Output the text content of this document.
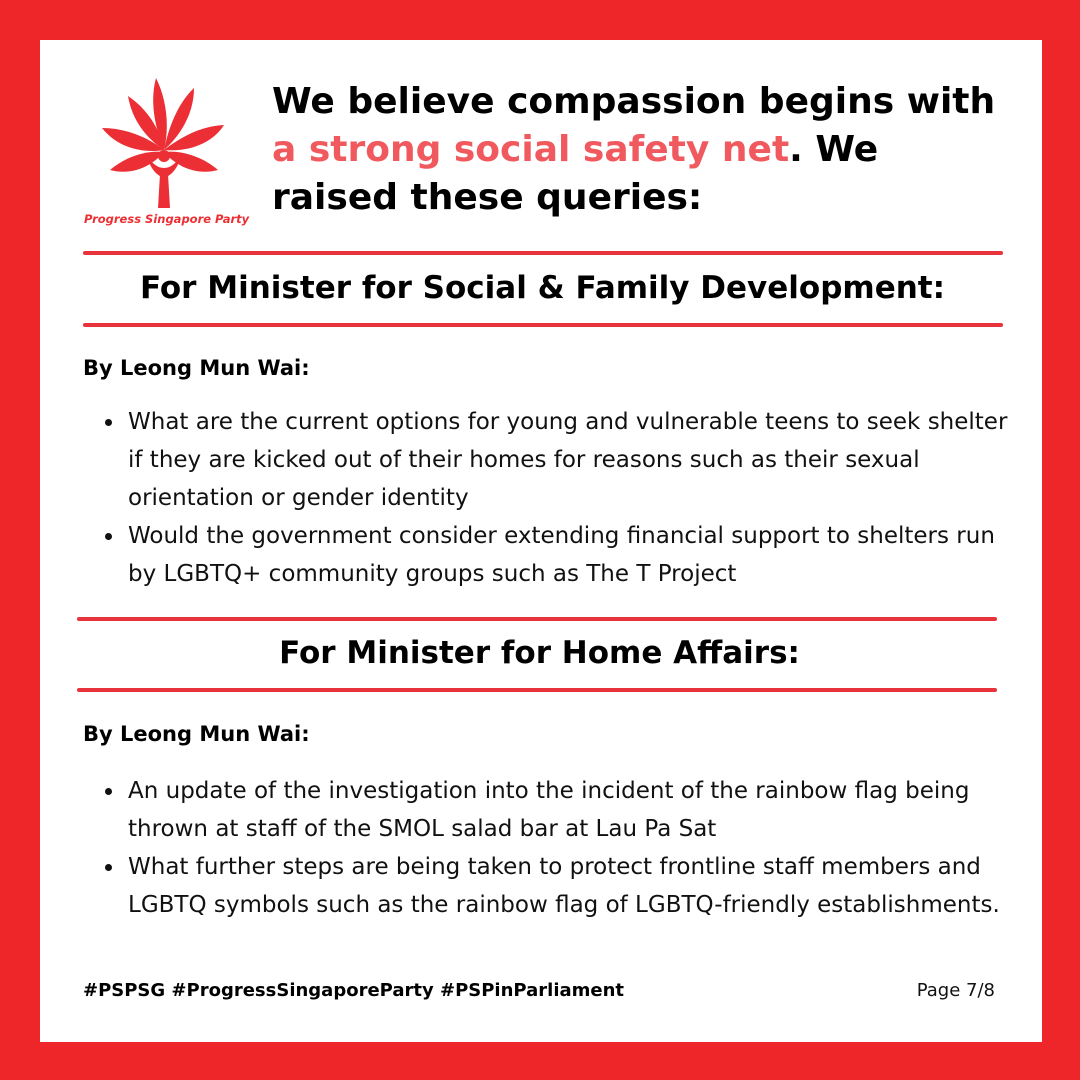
Progress Singapore Party
We believe compassion begins with a strong social safety net. We raised these queries:
For Minister for Social & Family Development:

By Leong Mun Wai:

What are the current options for young and vulnerable teens to seek shelter if they are kicked out of their homes for reasons such as their sexual orientation or gender identity
Would the government consider extending financial support to shelters run by LGBTQ+ community groups such as The T Project
For Minister for Home Affairs:

By Leong Mun Wai:

An update of the investigation into the incident of the rainbow flag being thrown at staff of the SMOL salad bar at Lau Pa Sat
What further steps are being taken to protect frontline staff members and LGBTQ symbols such as the rainbow flag of LGBTQ-friendly establishments.

#PSPSG #ProgressSingaporeParty #PSPinParliament	Page 7/8
